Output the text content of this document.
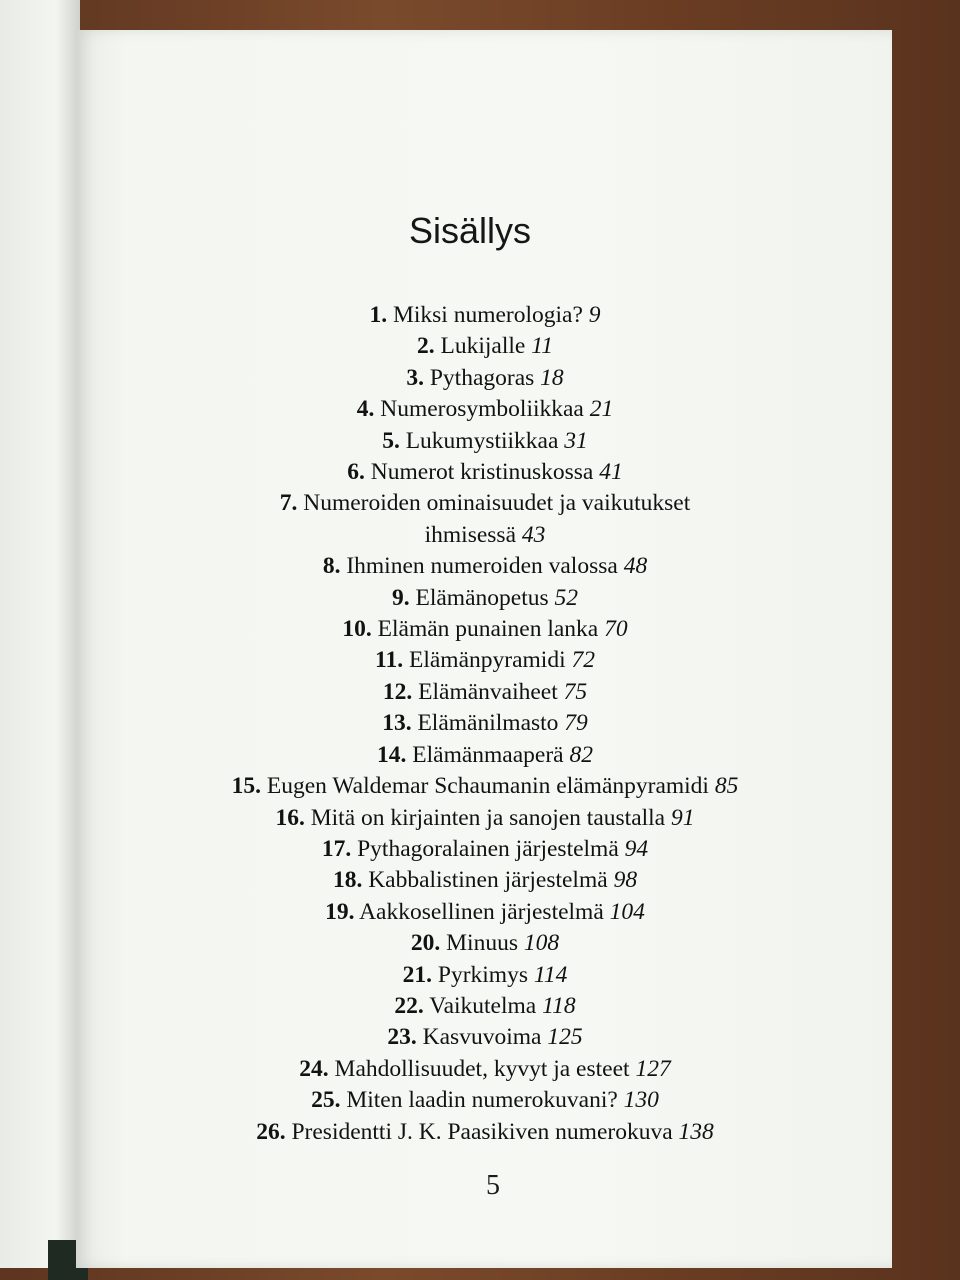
Sisällys
1. Miksi numerologia? 9
2. Lukijalle 11
3. Pythagoras 18
4. Numerosymboliikkaa 21
5. Lukumystiikkaa 31
6. Numerot kristinuskossa 41
7. Numeroiden ominaisuudet ja vaikutukset
ihmisessä 43
8. Ihminen numeroiden valossa 48
9. Elämänopetus 52
10. Elämän punainen lanka 70
11. Elämänpyramidi 72
12. Elämänvaiheet 75
13. Elämänilmasto 79
14. Elämänmaaperä 82
15. Eugen Waldemar Schaumanin elämänpyramidi 85
16. Mitä on kirjainten ja sanojen taustalla 91
17. Pythagoralainen järjestelmä 94
18. Kabbalistinen järjestelmä 98
19. Aakkosellinen järjestelmä 104
20. Minuus 108
21. Pyrkimys 114
22. Vaikutelma 118
23. Kasvuvoima 125
24. Mahdollisuudet, kyvyt ja esteet 127
25. Miten laadin numerokuvani? 130
26. Presidentti J. K. Paasikiven numerokuva 138
5
